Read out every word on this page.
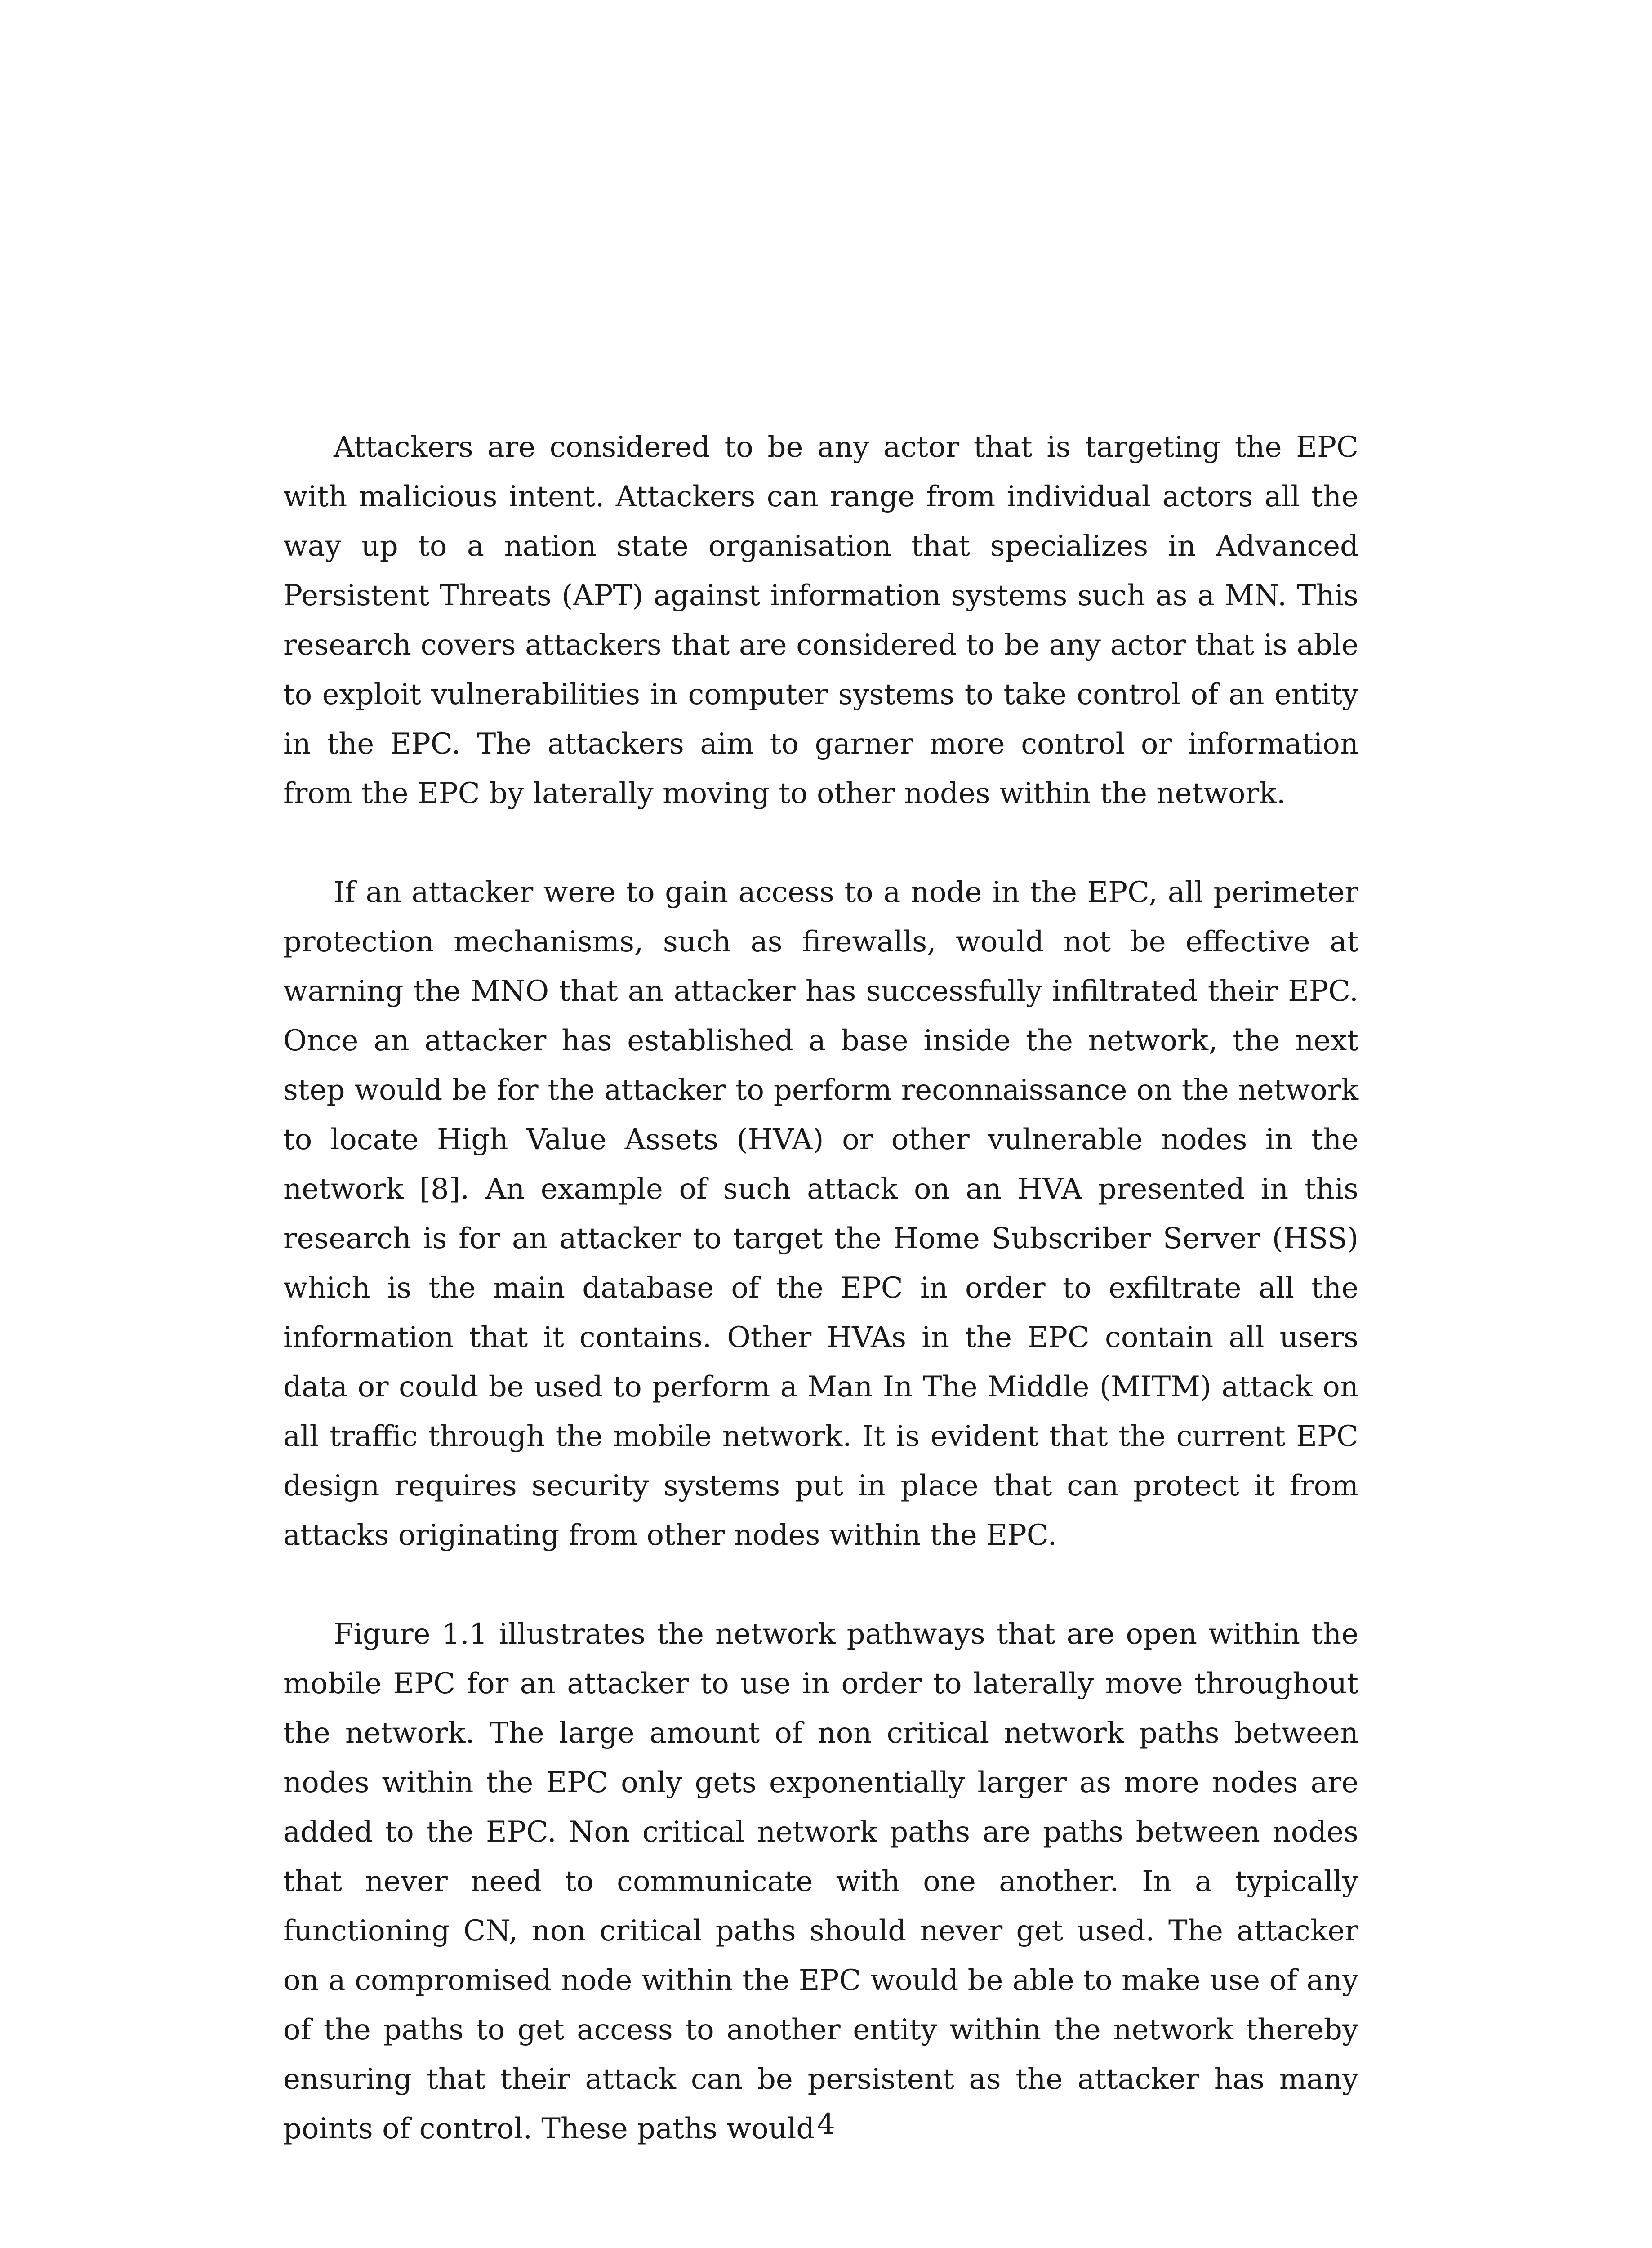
Attackers are considered to be any actor that is targeting the EPC with malicious intent. Attackers can range from individual actors all the way up to a nation state organisation that specializes in Advanced Persistent Threats (APT) against information systems such as a MN. This research covers attackers that are considered to be any actor that is able to exploit vulnerabilities in computer systems to take control of an entity in the EPC. The attackers aim to garner more control or information from the EPC by laterally moving to other nodes within the network.

If an attacker were to gain access to a node in the EPC, all perimeter protection mechanisms, such as firewalls, would not be effective at warning the MNO that an attacker has successfully infiltrated their EPC. Once an attacker has established a base inside the network, the next step would be for the attacker to perform reconnaissance on the network to locate High Value Assets (HVA) or other vulnerable nodes in the network [8]. An example of such attack on an HVA presented in this research is for an attacker to target the Home Subscriber Server (HSS) which is the main database of the EPC in order to exfiltrate all the information that it contains. Other HVAs in the EPC contain all users data or could be used to perform a Man In The Middle (MITM) attack on all traffic through the mobile network. It is evident that the current EPC design requires security systems put in place that can protect it from attacks originating from other nodes within the EPC.

Figure 1.1 illustrates the network pathways that are open within the mobile EPC for an attacker to use in order to laterally move throughout the network. The large amount of non critical network paths between nodes within the EPC only gets exponentially larger as more nodes are added to the EPC. Non critical network paths are paths between nodes that never need to communicate with one another. In a typically functioning CN, non critical paths should never get used. The attacker on a compromised node within the EPC would be able to make use of any of the paths to get access to another entity within the network thereby ensuring that their attack can be persistent as the attacker has many points of control. These paths would 4
